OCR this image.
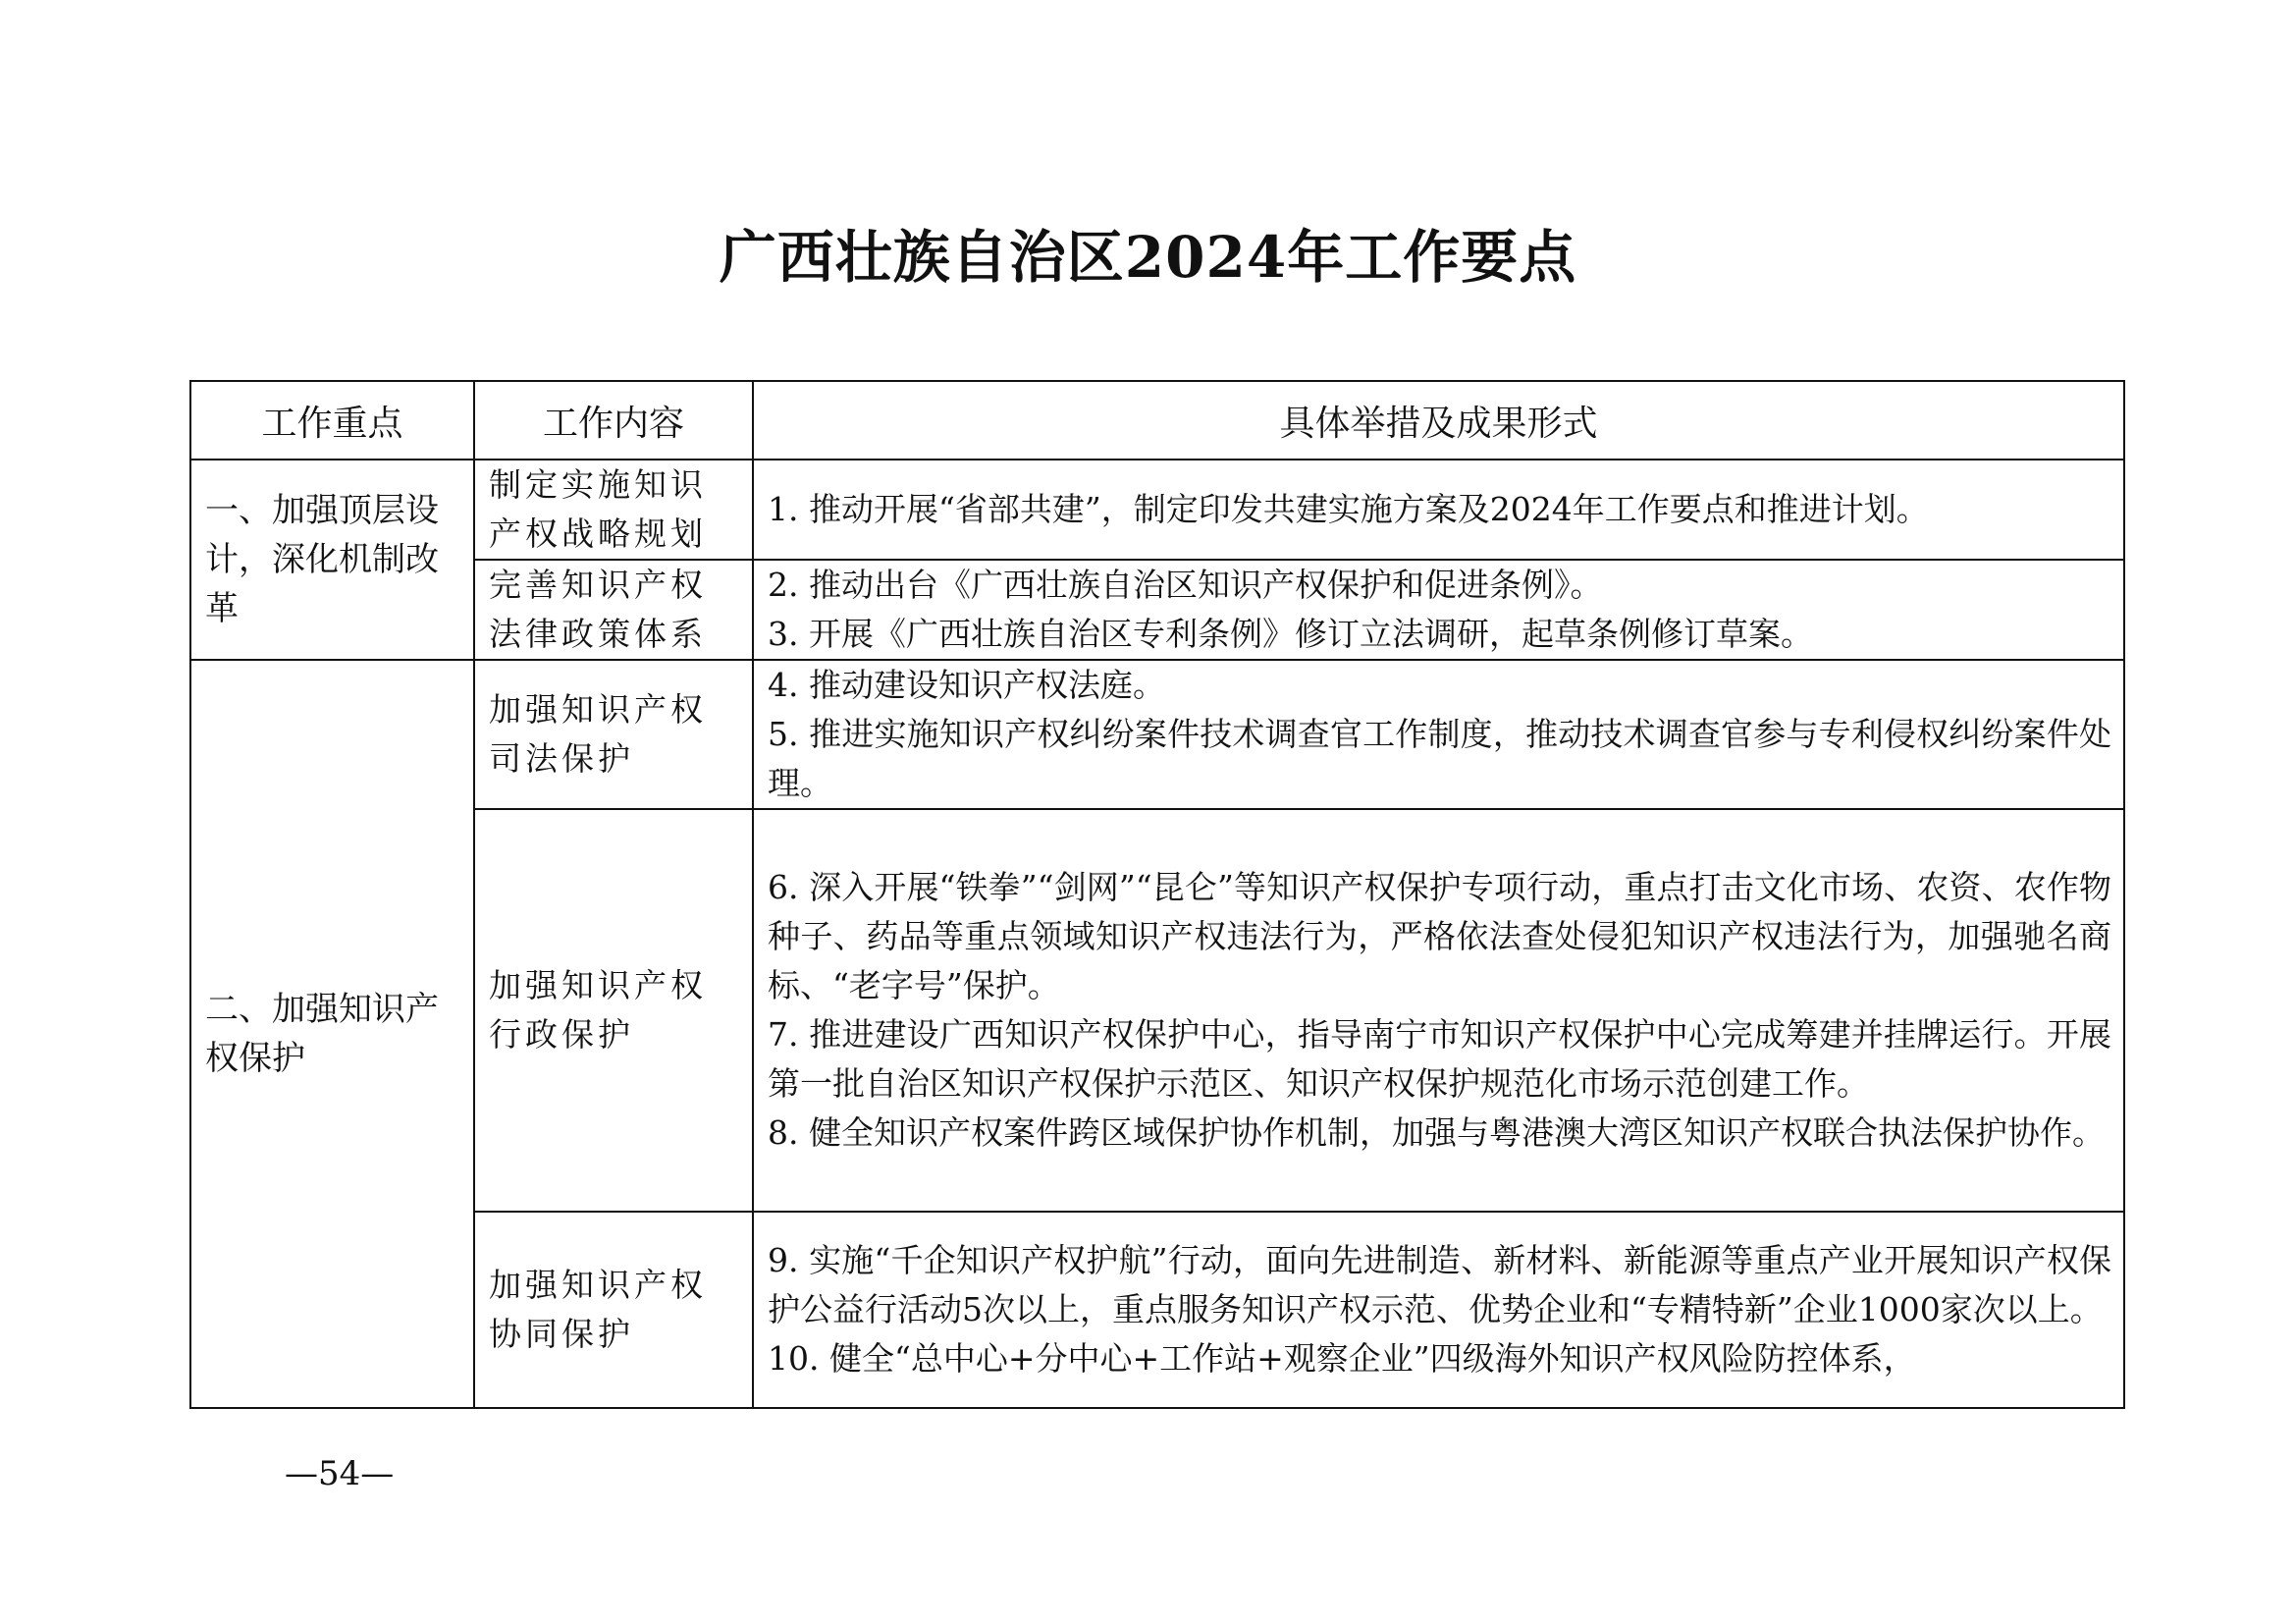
广西壮族自治区2024年工作要点
工作重点	工作内容	具体举措及成果形式
一、加强顶层设计，深化机制改革	制定实施知识产权战略规划	1. 推动开展“省部共建”，制定印发共建实施方案及2024年工作要点和推进计划。

	完善知识产权法律政策体系	2. 推动出台《广西壮族自治区知识产权保护和促进条例》。
3. 开展《广西壮族自治区专利条例》修订立法调研，起草条例修订草案。

二、加强知识产权保护	加强知识产权司法保护	4. 推动建设知识产权法庭。
5. 推进实施知识产权纠纷案件技术调查官工作制度，推动技术调查官参与专利侵权纠纷案件处理。

	加强知识产权行政保护	6. 深入开展“铁拳”“剑网”“昆仑”等知识产权保护专项行动，重点打击文化市场、农资、农作物种子、药品等重点领域知识产权违法行为，严格依法查处侵犯知识产权违法行为，加强驰名商标、“老字号”保护。
7. 推进建设广西知识产权保护中心，指导南宁市知识产权保护中心完成筹建并挂牌运行。开展第一批自治区知识产权保护示范区、知识产权保护规范化市场示范创建工作。
8. 健全知识产权案件跨区域保护协作机制，加强与粤港澳大湾区知识产权联合执法保护协作。

	加强知识产权协同保护	9. 实施“千企知识产权护航”行动，面向先进制造、新材料、新能源等重点产业开展知识产权保护公益行活动5次以上，重点服务知识产权示范、优势企业和“专精特新”企业1000家次以上。
10. 健全“总中心+分中心+工作站+观察企业”四级海外知识产权风险防控体系，
—54—
